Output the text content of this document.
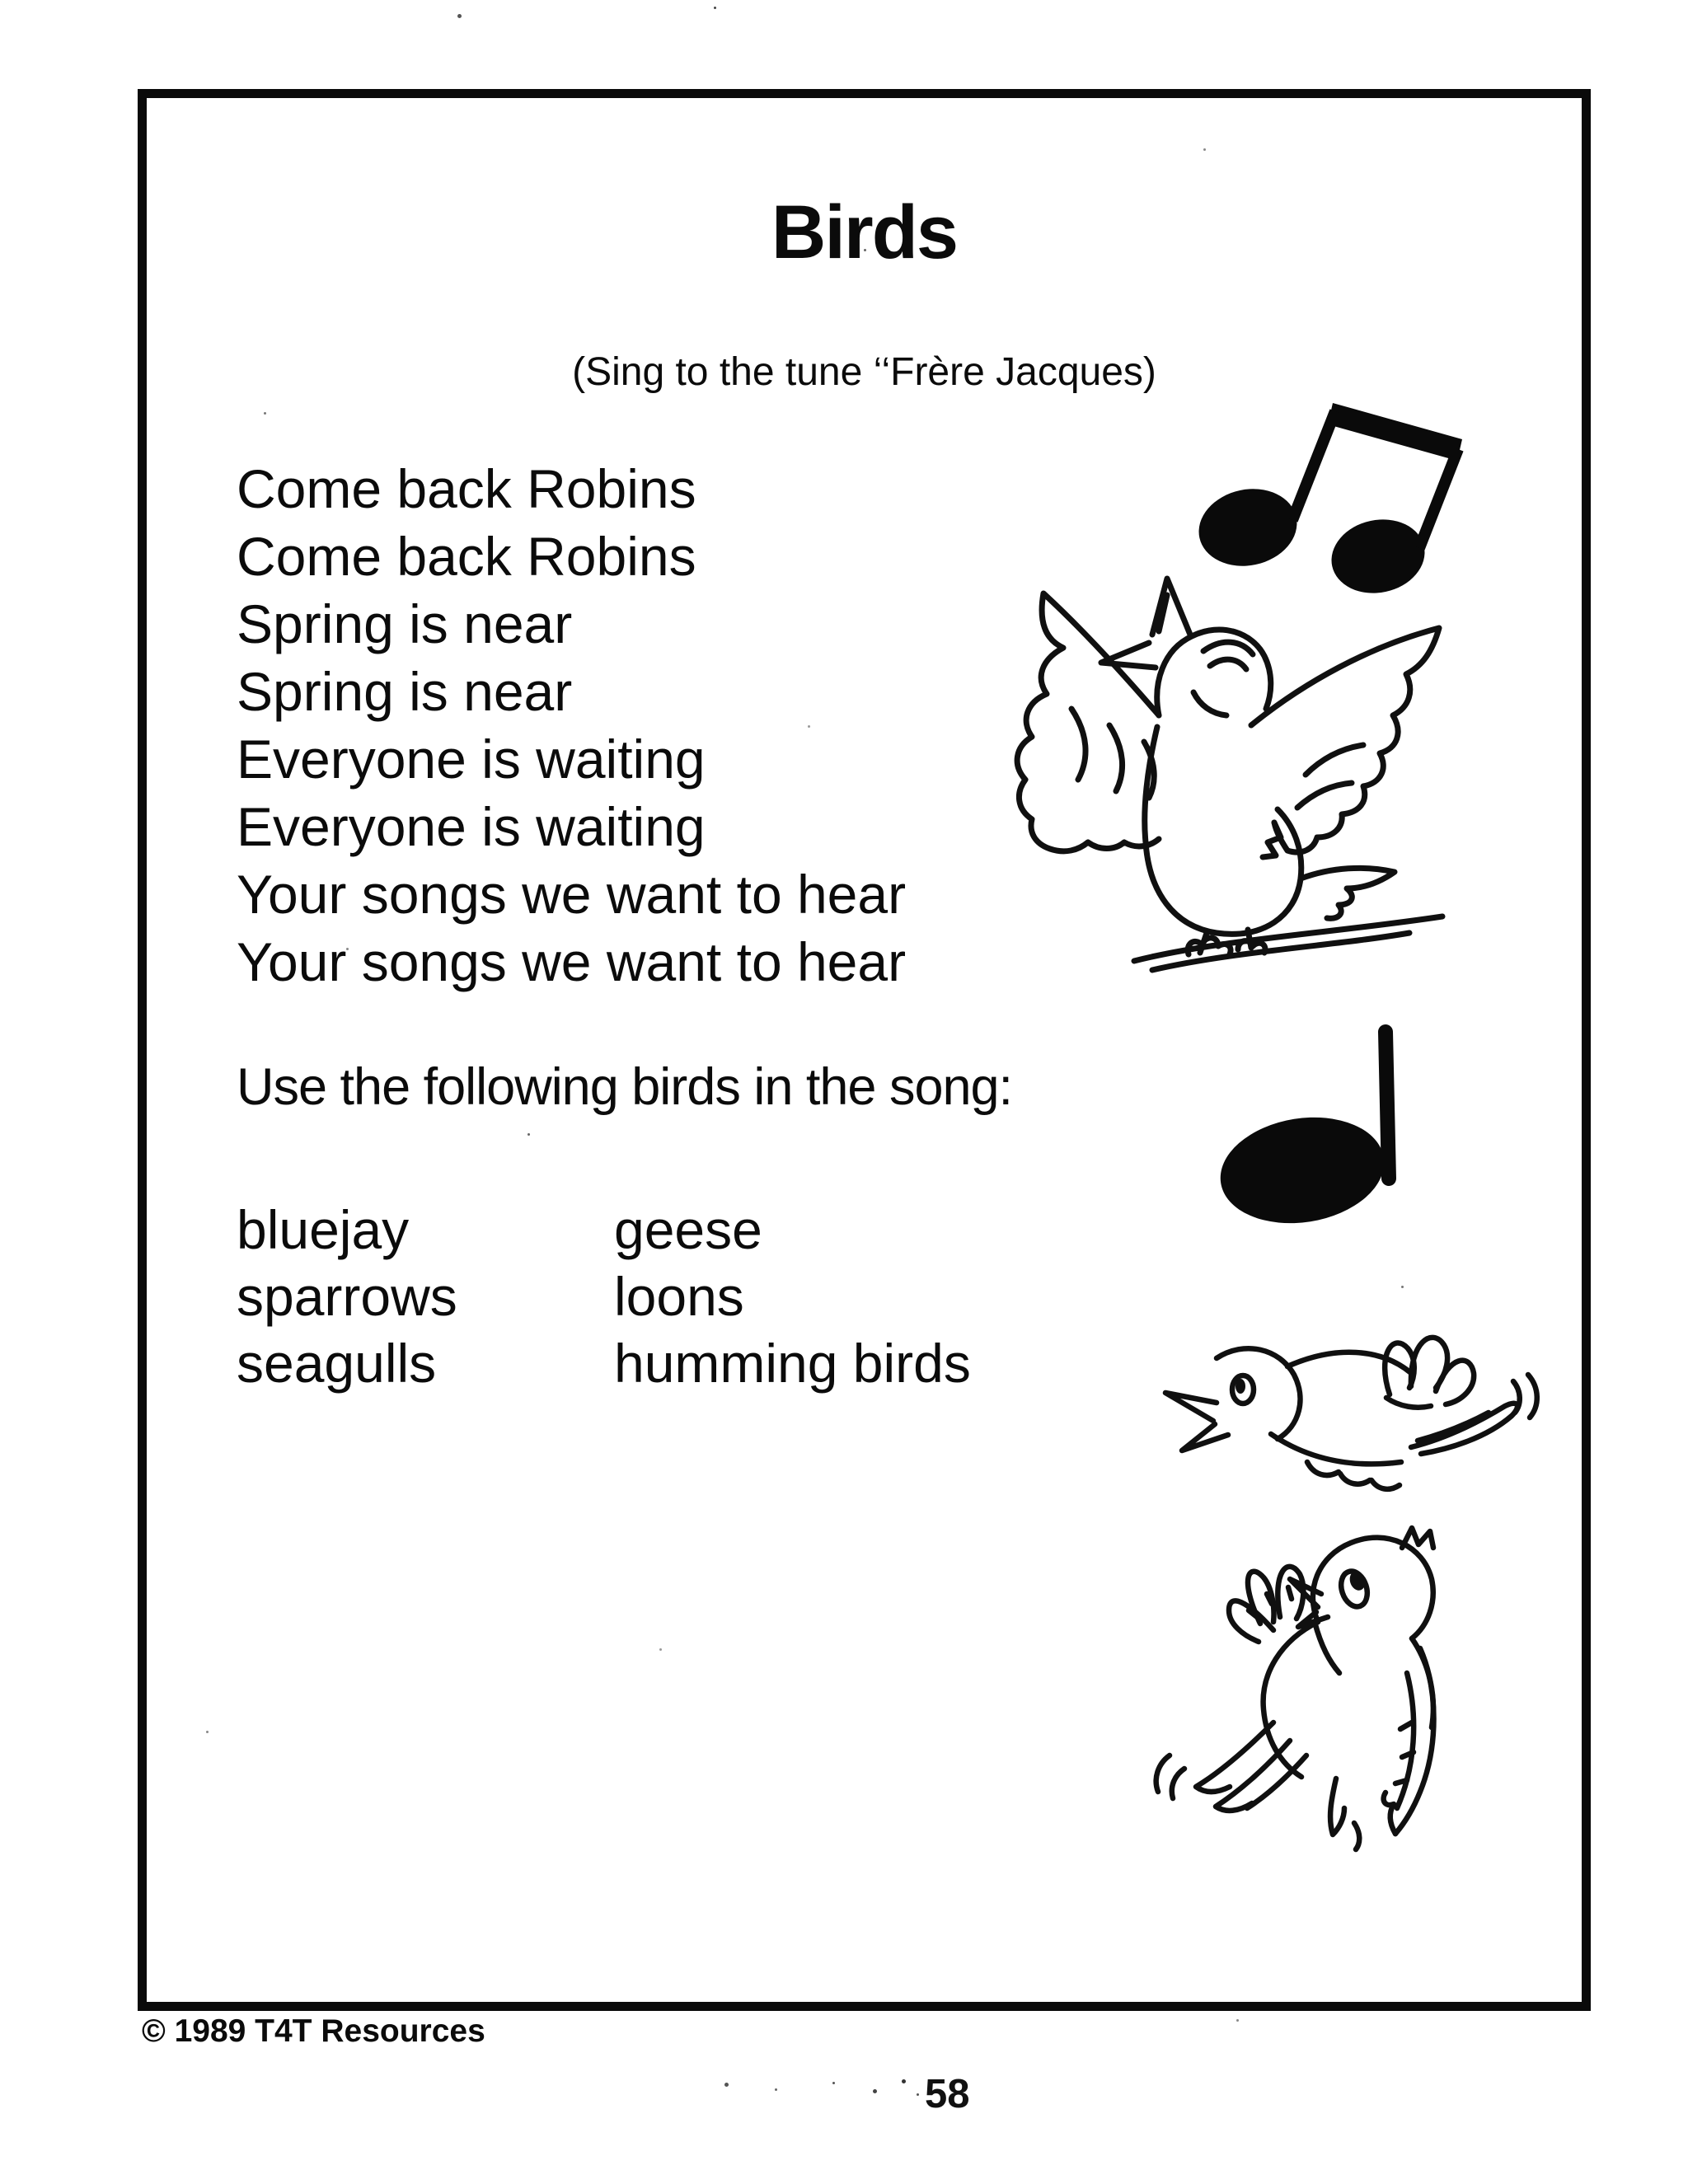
Birds
(Sing to the tune ‘‘Frère Jacques)
Come back Robins
Come back Robins
Spring is near
Spring is near
Everyone is waiting
Everyone is waiting
Your songs we want to hear
Your songs we want to hear
Use the following birds in the song:
bluejay
sparrows
seagulls
geese
loons
humming birds
© 1989 T4T Resources
58
